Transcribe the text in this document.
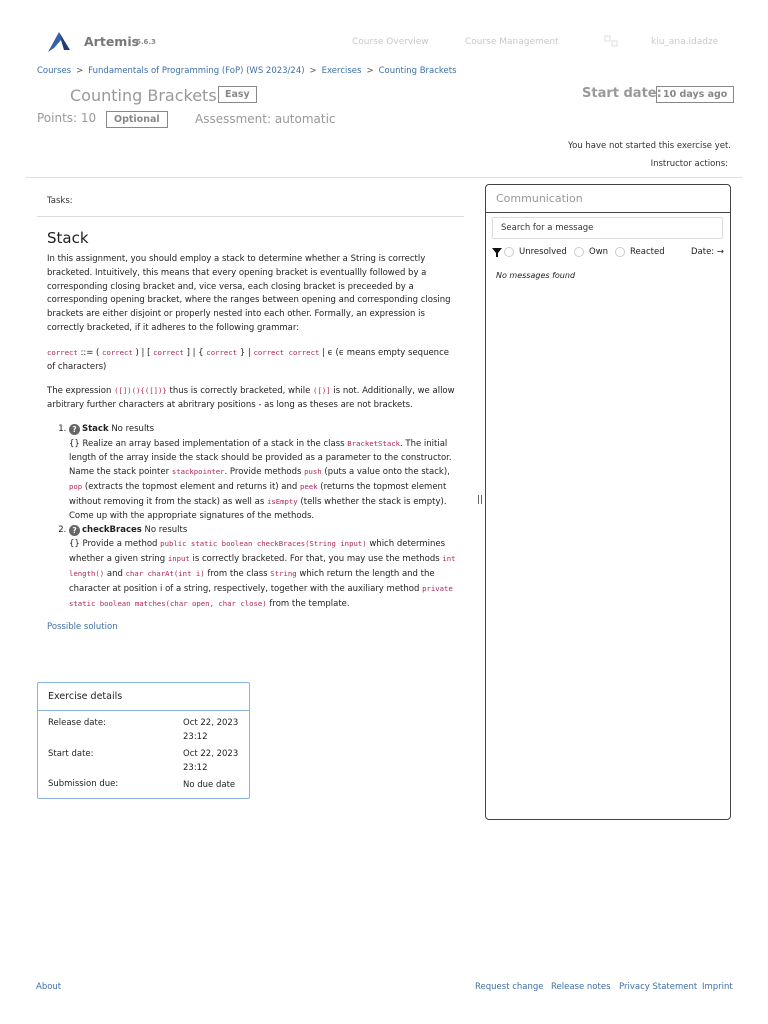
Artemis
6.6.3	Course Overview	Course Management	kiu_ana.idadze
Courses > Fundamentals of Programming (FoP) (WS 2023/24) > Exercises > Counting Brackets
Counting Brackets Easy	Start date: 10 days ago
Points: 10	Optional	Assessment: automatic
You have not started this exercise yet.
Instructor actions:
Tasks:
Stack

In this assignment, you should employ a stack to determine whether a String is correctly bracketed. Intuitively, this means that every opening bracket is eventuallly followed by a corresponding closing bracket and, vice versa, each closing bracket is preceeded by a corresponding opening bracket, where the ranges between opening and corresponding closing brackets are either disjoint or properly nested into each other. Formally, an expression is correctly bracketed, if it adheres to the following grammar:

correct ::= ( correct ) | [ correct ] | { correct } | correct correct | ϵ (ϵ means empty sequence of characters)

The expression ([])(){([])} thus is correctly bracketed, while ([)] is not. Additionally, we allow arbitrary further characters at abritrary positions - as long as theses are not brackets.

1. ? Stack No results
{} Realize an array based implementation of a stack in the class BracketStack. The initial length of the array inside the stack should be provided as a parameter to the constructor. Name the stack pointer stackpointer. Provide methods push (puts a value onto the stack), pop (extracts the topmost element and returns it) and peek (returns the topmost element without removing it from the stack) as well as isEmpty (tells whether the stack is empty). Come up with the appropriate signatures of the methods.
2. ? checkBraces No results
{} Provide a method public static boolean checkBraces(String input) which determines whether a given string input is correctly bracketed. For that, you may use the methods int length() and char charAt(int i) from the class String which return the length and the character at position i of a string, respectively, together with the auxiliary method private static boolean matches(char open, char close) from the template.
Possible solution
Exercise details
Release date:	Oct 22, 2023 23:12
Start date:	Oct 22, 2023 23:12
Submission due:	No due date
||
Communication
Search for a message
Unresolved	Own	Reacted	Date: →
No messages found
About	Request change Release notes Privacy Statement Imprint
